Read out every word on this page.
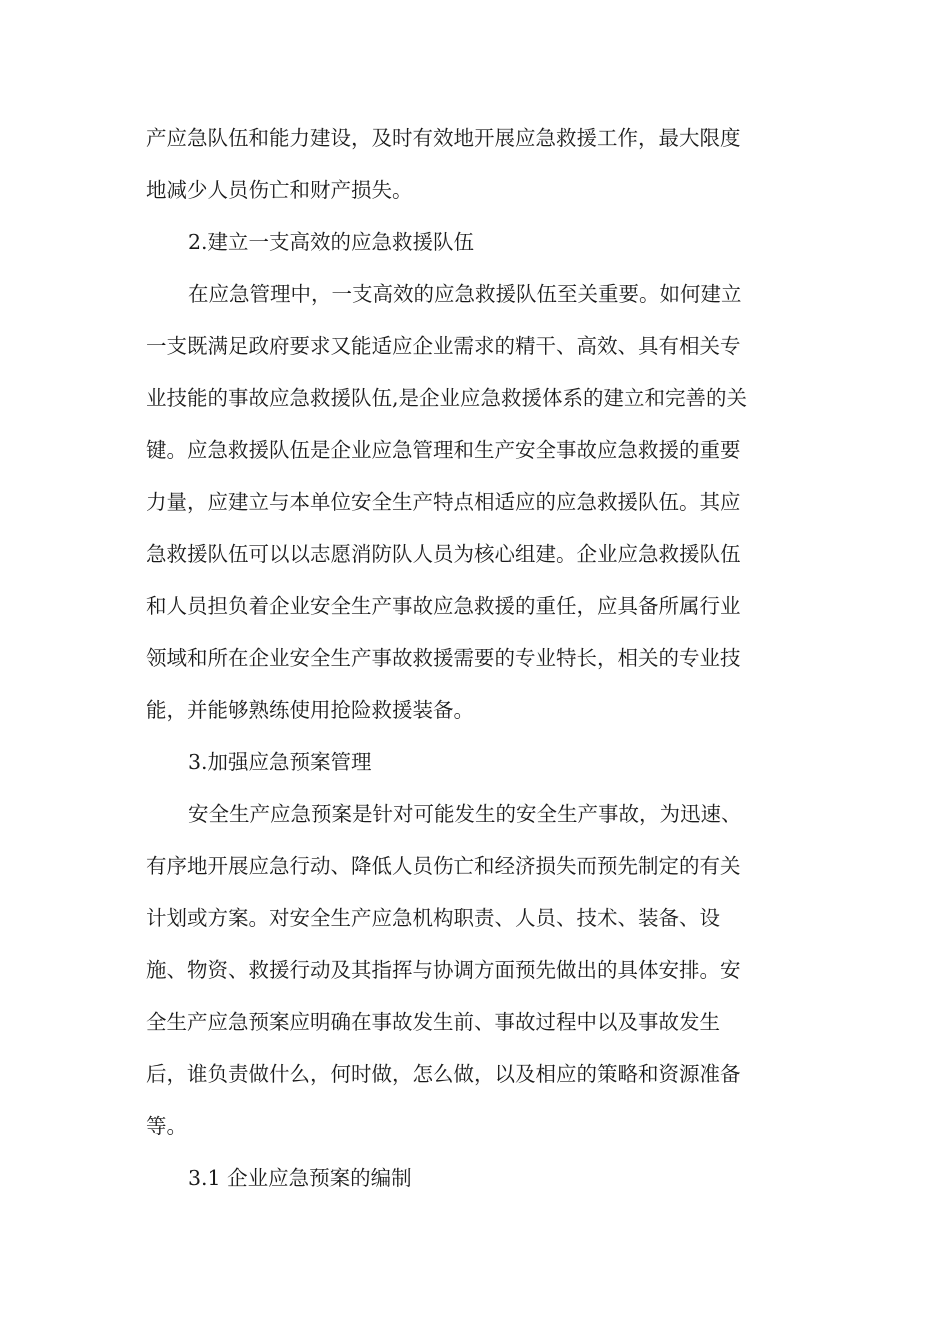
产应急队伍和能力建设，及时有效地开展应急救援工作，最大限度
地减少人员伤亡和财产损失。
2.建立一支高效的应急救援队伍
在应急管理中，一支高效的应急救援队伍至关重要。如何建立
一支既满足政府要求又能适应企业需求的精干、高效、具有相关专
业技能的事故应急救援队伍,是企业应急救援体系的建立和完善的关
键。应急救援队伍是企业应急管理和生产安全事故应急救援的重要
力量，应建立与本单位安全生产特点相适应的应急救援队伍。其应
急救援队伍可以以志愿消防队人员为核心组建。企业应急救援队伍
和人员担负着企业安全生产事故应急救援的重任，应具备所属行业
领域和所在企业安全生产事故救援需要的专业特长，相关的专业技
能，并能够熟练使用抢险救援装备。
3.加强应急预案管理
安全生产应急预案是针对可能发生的安全生产事故，为迅速、
有序地开展应急行动、降低人员伤亡和经济损失而预先制定的有关
计划或方案。对安全生产应急机构职责、人员、技术、装备、设
施、物资、救援行动及其指挥与协调方面预先做出的具体安排。安
全生产应急预案应明确在事故发生前、事故过程中以及事故发生
后，谁负责做什么，何时做，怎么做，以及相应的策略和资源准备
等。
3.1 企业应急预案的编制
